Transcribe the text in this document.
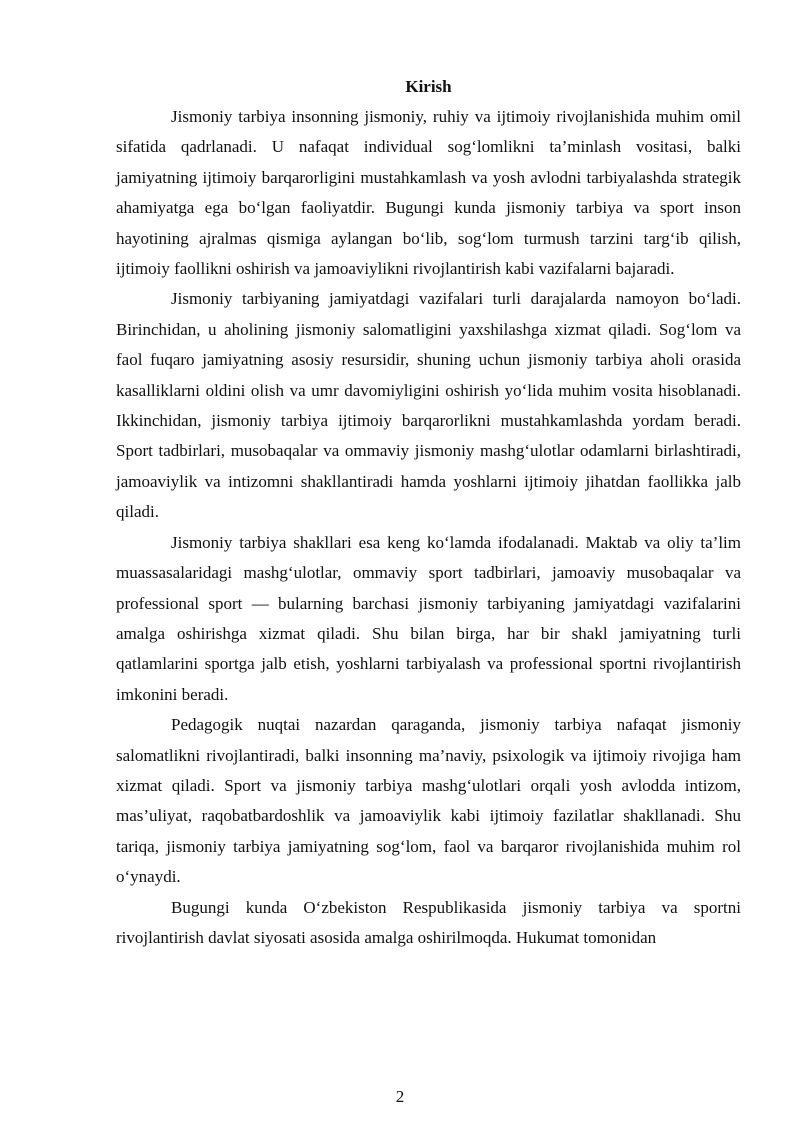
Kirish

Jismoniy tarbiya insonning jismoniy, ruhiy va ijtimoiy rivojlanishida muhim omil sifatida qadrlanadi. U nafaqat individual sog‘lomlikni ta’minlash vositasi, balki jamiyatning ijtimoiy barqarorligini mustahkamlash va yosh avlodni tarbiyalashda strategik ahamiyatga ega bo‘lgan faoliyatdir. Bugungi kunda jismoniy tarbiya va sport inson hayotining ajralmas qismiga aylangan bo‘lib, sog‘lom turmush tarzini targ‘ib qilish, ijtimoiy faollikni oshirish va jamoaviylikni rivojlantirish kabi vazifalarni bajaradi.

Jismoniy tarbiyaning jamiyatdagi vazifalari turli darajalarda namoyon bo‘ladi. Birinchidan, u aholining jismoniy salomatligini yaxshilashga xizmat qiladi. Sog‘lom va faol fuqaro jamiyatning asosiy resursidir, shuning uchun jismoniy tarbiya aholi orasida kasalliklarni oldini olish va umr davomiyligini oshirish yo‘lida muhim vosita hisoblanadi. Ikkinchidan, jismoniy tarbiya ijtimoiy barqarorlikni mustahkamlashda yordam beradi. Sport tadbirlari, musobaqalar va ommaviy jismoniy mashg‘ulotlar odamlarni birlashtiradi, jamoaviylik va intizomni shakllantiradi hamda yoshlarni ijtimoiy jihatdan faollikka jalb qiladi.

Jismoniy tarbiya shakllari esa keng ko‘lamda ifodalanadi. Maktab va oliy ta’lim muassasalaridagi mashg‘ulotlar, ommaviy sport tadbirlari, jamoaviy musobaqalar va professional sport — bularning barchasi jismoniy tarbiyaning jamiyatdagi vazifalarini amalga oshirishga xizmat qiladi. Shu bilan birga, har bir shakl jamiyatning turli qatlamlarini sportga jalb etish, yoshlarni tarbiyalash va professional sportni rivojlantirish imkonini beradi.

Pedagogik nuqtai nazardan qaraganda, jismoniy tarbiya nafaqat jismoniy salomatlikni rivojlantiradi, balki insonning ma’naviy, psixologik va ijtimoiy rivojiga ham xizmat qiladi. Sport va jismoniy tarbiya mashg‘ulotlari orqali yosh avlodda intizom, mas’uliyat, raqobatbardoshlik va jamoaviylik kabi ijtimoiy fazilatlar shakllanadi. Shu tariqa, jismoniy tarbiya jamiyatning sog‘lom, faol va barqaror rivojlanishida muhim rol o‘ynaydi.

Bugungi kunda O‘zbekiston Respublikasida jismoniy tarbiya va sportni rivojlantirish davlat siyosati asosida amalga oshirilmoqda. Hukumat tomonidan

2
